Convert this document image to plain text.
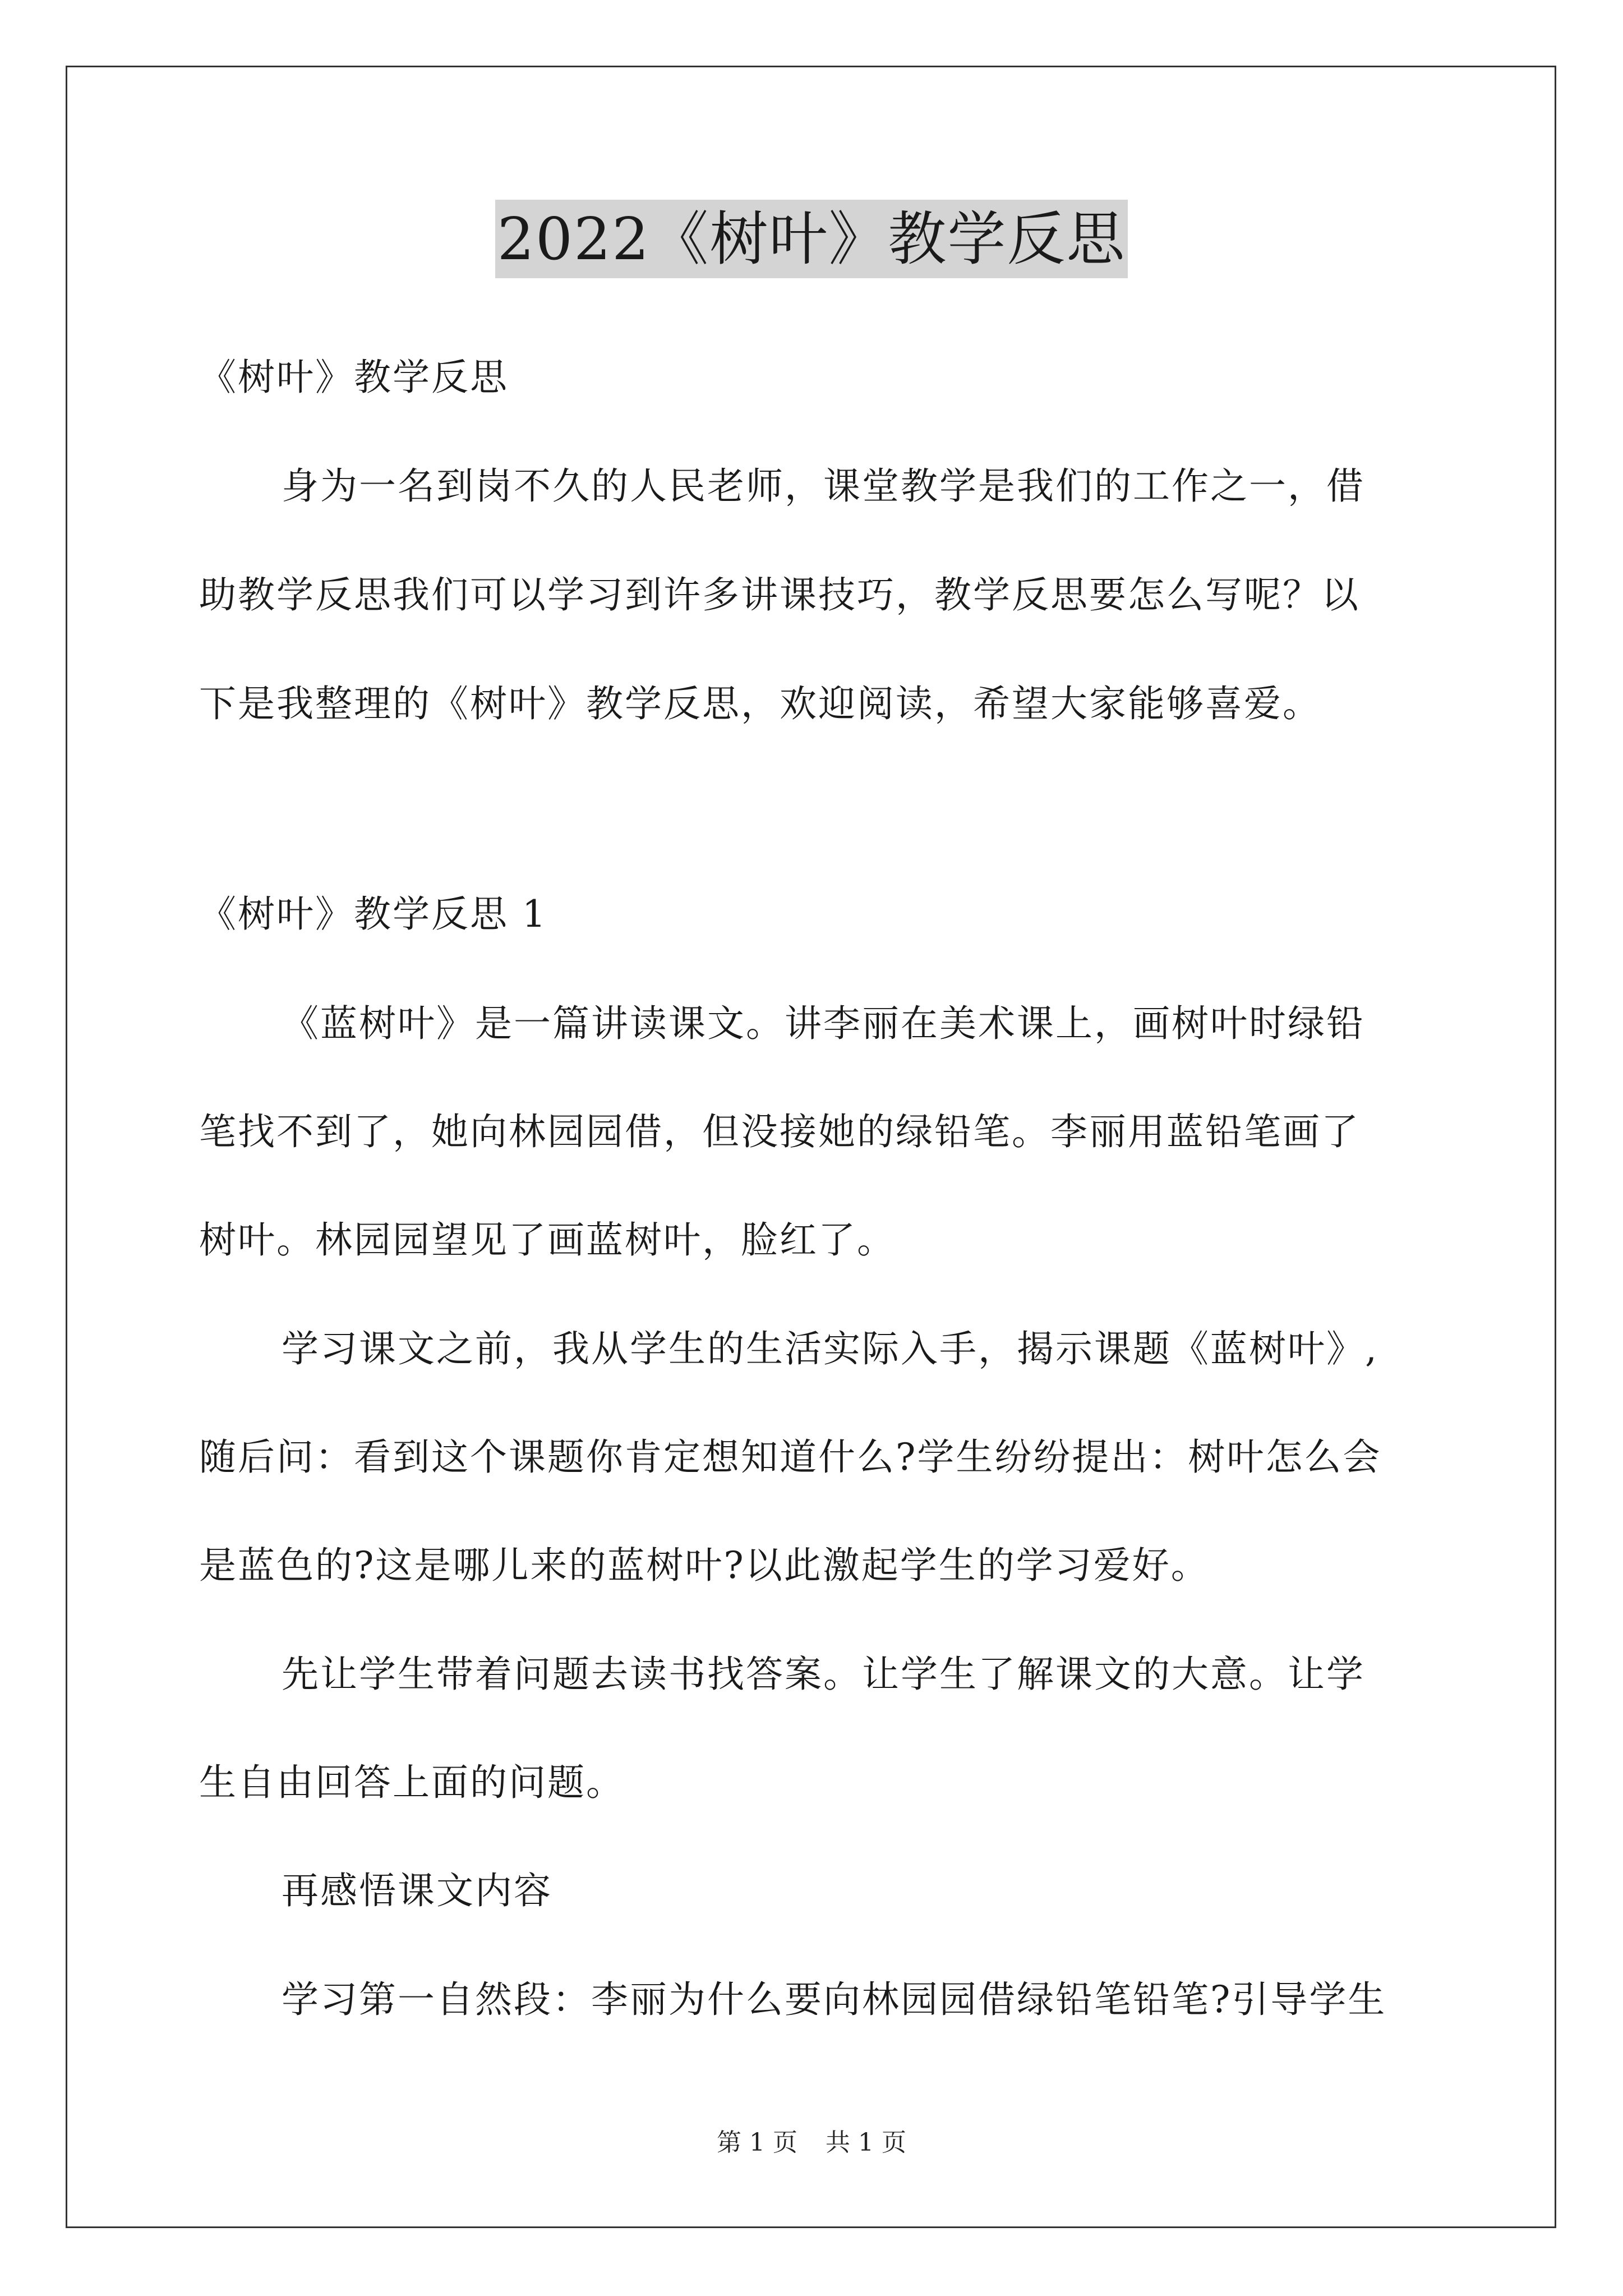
2022《树叶》教学反思
《树叶》教学反思
身为一名到岗不久的人民老师，课堂教学是我们的工作之一，借
助教学反思我们可以学习到许多讲课技巧，教学反思要怎么写呢？以
下是我整理的《树叶》教学反思，欢迎阅读，希望大家能够喜爱。
《树叶》教学反思 1
《蓝树叶》是一篇讲读课文。讲李丽在美术课上，画树叶时绿铅
笔找不到了，她向林园园借，但没接她的绿铅笔。李丽用蓝铅笔画了
树叶。林园园望见了画蓝树叶，脸红了。
学习课文之前，我从学生的生活实际入手，揭示课题《蓝树叶》,
随后问：看到这个课题你肯定想知道什么?学生纷纷提出：树叶怎么会
是蓝色的?这是哪儿来的蓝树叶?以此激起学生的学习爱好。
先让学生带着问题去读书找答案。让学生了解课文的大意。让学
生自由回答上面的问题。
再感悟课文内容
学习第一自然段：李丽为什么要向林园园借绿铅笔铅笔?引导学生
第 1 页 共 1 页
